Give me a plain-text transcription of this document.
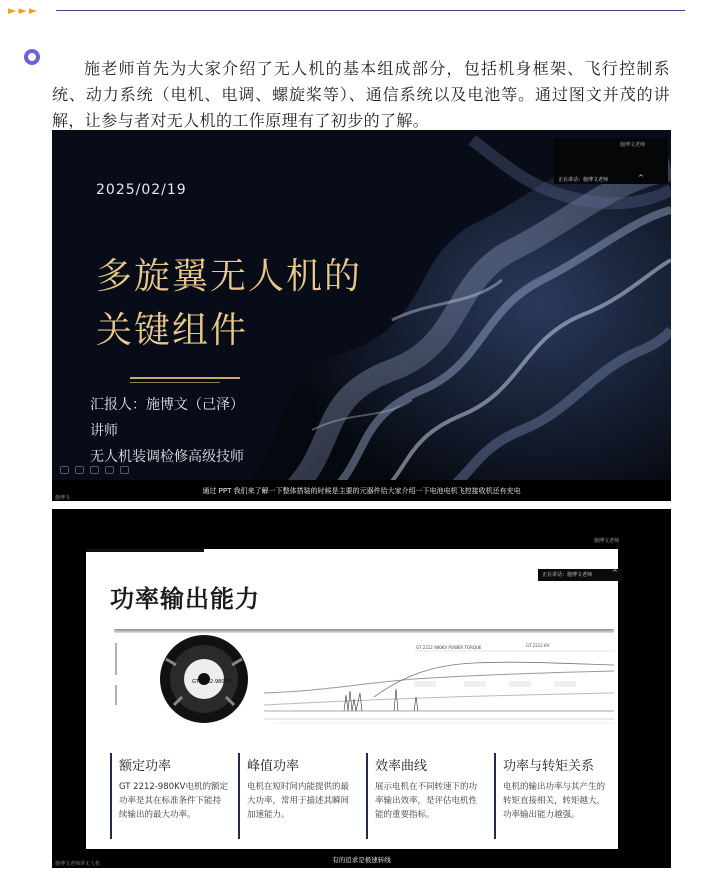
►►►

施老师首先为大家介绍了无人机的基本组成部分，包括机身框架、飞行控制系统、动力系统（电机、电调、螺旋桨等）、通信系统以及电池等。通过图文并茂的讲解，让参与者对无人机的工作原理有了初步的了解。

2025/02/19
多旋翼无人机的
关键组件
汇报人：施博文（己泽）
讲师
无人机装调检修高级技师
施博文老师
正在讲话：施博文老师	^
通过 PPT 我们来了解一下整体搭装的时候是主要的元器件给大家介绍一下电池电机飞控接收机还有充电
施博文
功率输出能力
GT 2212-980KV
GT 2212 980KV POWER TORQUE	GT 2212 KV
额定功率
GT 2212-980KV电机的额定功率是其在标准条件下能持续输出的最大功率。
峰值功率
电机在短时间内能提供的最大功率，常用于描述其瞬间加速能力。
效率曲线
展示电机在不同转速下的功率输出效率，是评估电机性能的重要指标。
功率与转矩关系
电机的输出功率与其产生的转矩直接相关，转矩越大，功率输出能力越强。
施博文老师
正在讲话：施博文老师	^
有的追求是极速转线
施博文老师讲无人机
